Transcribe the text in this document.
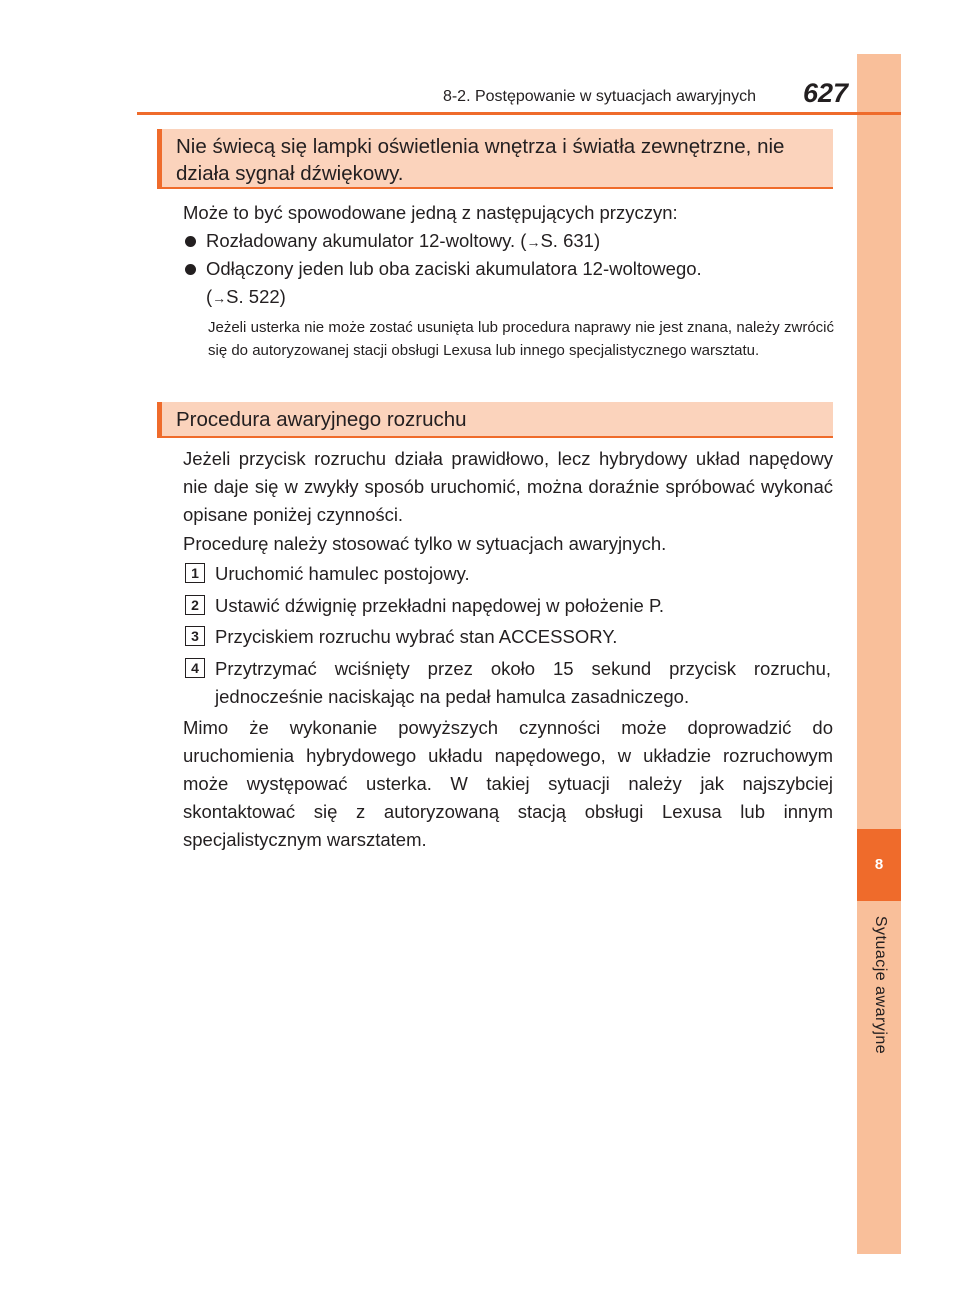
8
Sytuacje awaryjne
8-2. Postępowanie w sytuacjach awaryjnych 627
Nie świecą się lampki oświetlenia wnętrza i światła zewnętrzne, nie działa sygnał dźwiękowy.
Może to być spowodowane jedną z następujących przyczyn:
Rozładowany akumulator 12-woltowy. (→S. 631)
Odłączony jeden lub oba zaciski akumulatora 12-woltowego.
(→S. 522)
Jeżeli usterka nie może zostać usunięta lub procedura naprawy nie jest znana, należy zwrócić się do autoryzowanej stacji obsługi Lexusa lub innego specjalistycznego warsztatu.
Procedura awaryjnego rozruchu
Jeżeli przycisk rozruchu działa prawidłowo, lecz hybrydowy układ napędowy nie daje się w zwykły sposób uruchomić, można doraźnie spróbować wykonać opisane poniżej czynności.
Procedurę należy stosować tylko w sytuacjach awaryjnych.
1 Uruchomić hamulec postojowy.
2 Ustawić dźwignię przekładni napędowej w położenie P.
3 Przyciskiem rozruchu wybrać stan ACCESSORY.
4 Przytrzymać wciśnięty przez około 15 sekund przycisk rozruchu, jednocześnie naciskając na pedał hamulca zasadniczego.
Mimo że wykonanie powyższych czynności może doprowadzić do uruchomienia hybrydowego układu napędowego, w układzie rozruchowym może występować usterka. W takiej sytuacji należy jak najszybciej skontaktować się z autoryzowaną stacją obsługi Lexusa lub innym specjalistycznym warsztatem.
